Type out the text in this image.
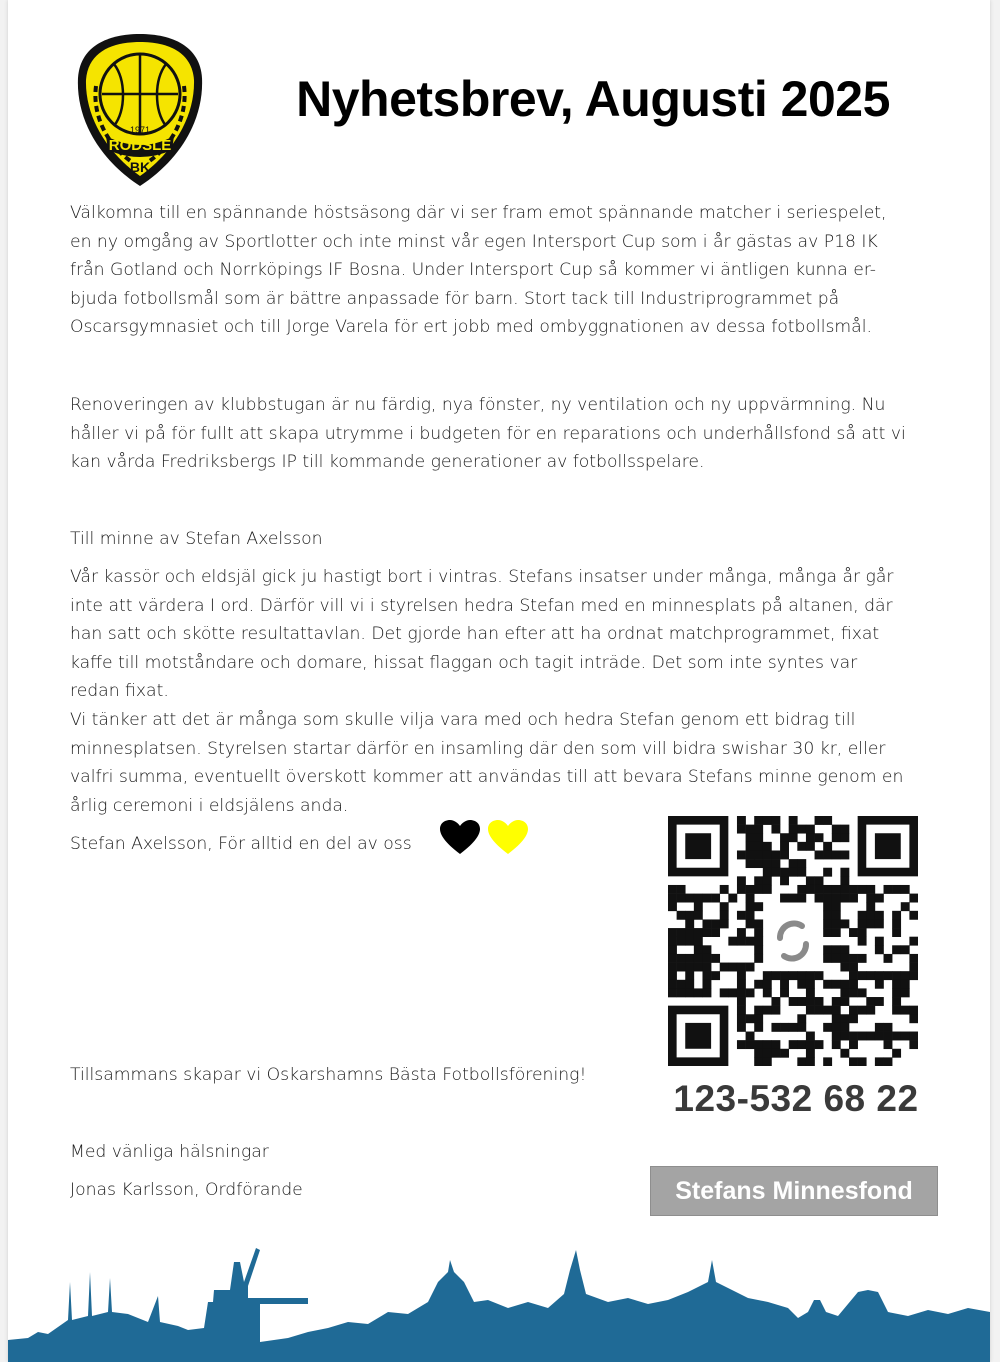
RÖDSLE
1971
BK
Nyhetsbrev, Augusti 2025

Välkomna till en spännande höstsäsong där vi ser fram emot spännande matcher i seriespelet,
en ny omgång av Sportlotter och inte minst vår egen Intersport Cup som i år gästas av P18 IK
från Gotland och Norrköpings IF Bosna. Under Intersport Cup så kommer vi äntligen kunna er-
bjuda fotbollsmål som är bättre anpassade för barn. Stort tack till Industriprogrammet på
Oscarsgymnasiet och till Jorge Varela för ert jobb med ombyggnationen av dessa fotbollsmål.

Renoveringen av klubbstugan är nu färdig, nya fönster, ny ventilation och ny uppvärmning. Nu
håller vi på för fullt att skapa utrymme i budgeten för en reparations och underhållsfond så att vi
kan vårda Fredriksbergs IP till kommande generationer av fotbollsspelare.

Till minne av Stefan Axelsson

Vår kassör och eldsjäl gick ju hastigt bort i vintras. Stefans insatser under många, många år går
inte att värdera I ord. Därför vill vi i styrelsen hedra Stefan med en minnesplats på altanen, där
han satt och skötte resultattavlan. Det gjorde han efter att ha ordnat matchprogrammet, fixat
kaffe till motståndare och domare, hissat flaggan och tagit inträde. Det som inte syntes var
redan fixat.

Vi tänker att det är många som skulle vilja vara med och hedra Stefan genom ett bidrag till
minnesplatsen. Styrelsen startar därför en insamling där den som vill bidra swishar 30 kr, eller
valfri summa, eventuellt överskott kommer att användas till att bevara Stefans minne genom en
årlig ceremoni i eldsjälens anda.

Stefan Axelsson, För alltid en del av oss

123-532 68 22

Tillsammans skapar vi Oskarshamns Bästa Fotbollsförening!

Med vänliga hälsningar

Jonas Karlsson, Ordförande	Stefans Minnesfond
